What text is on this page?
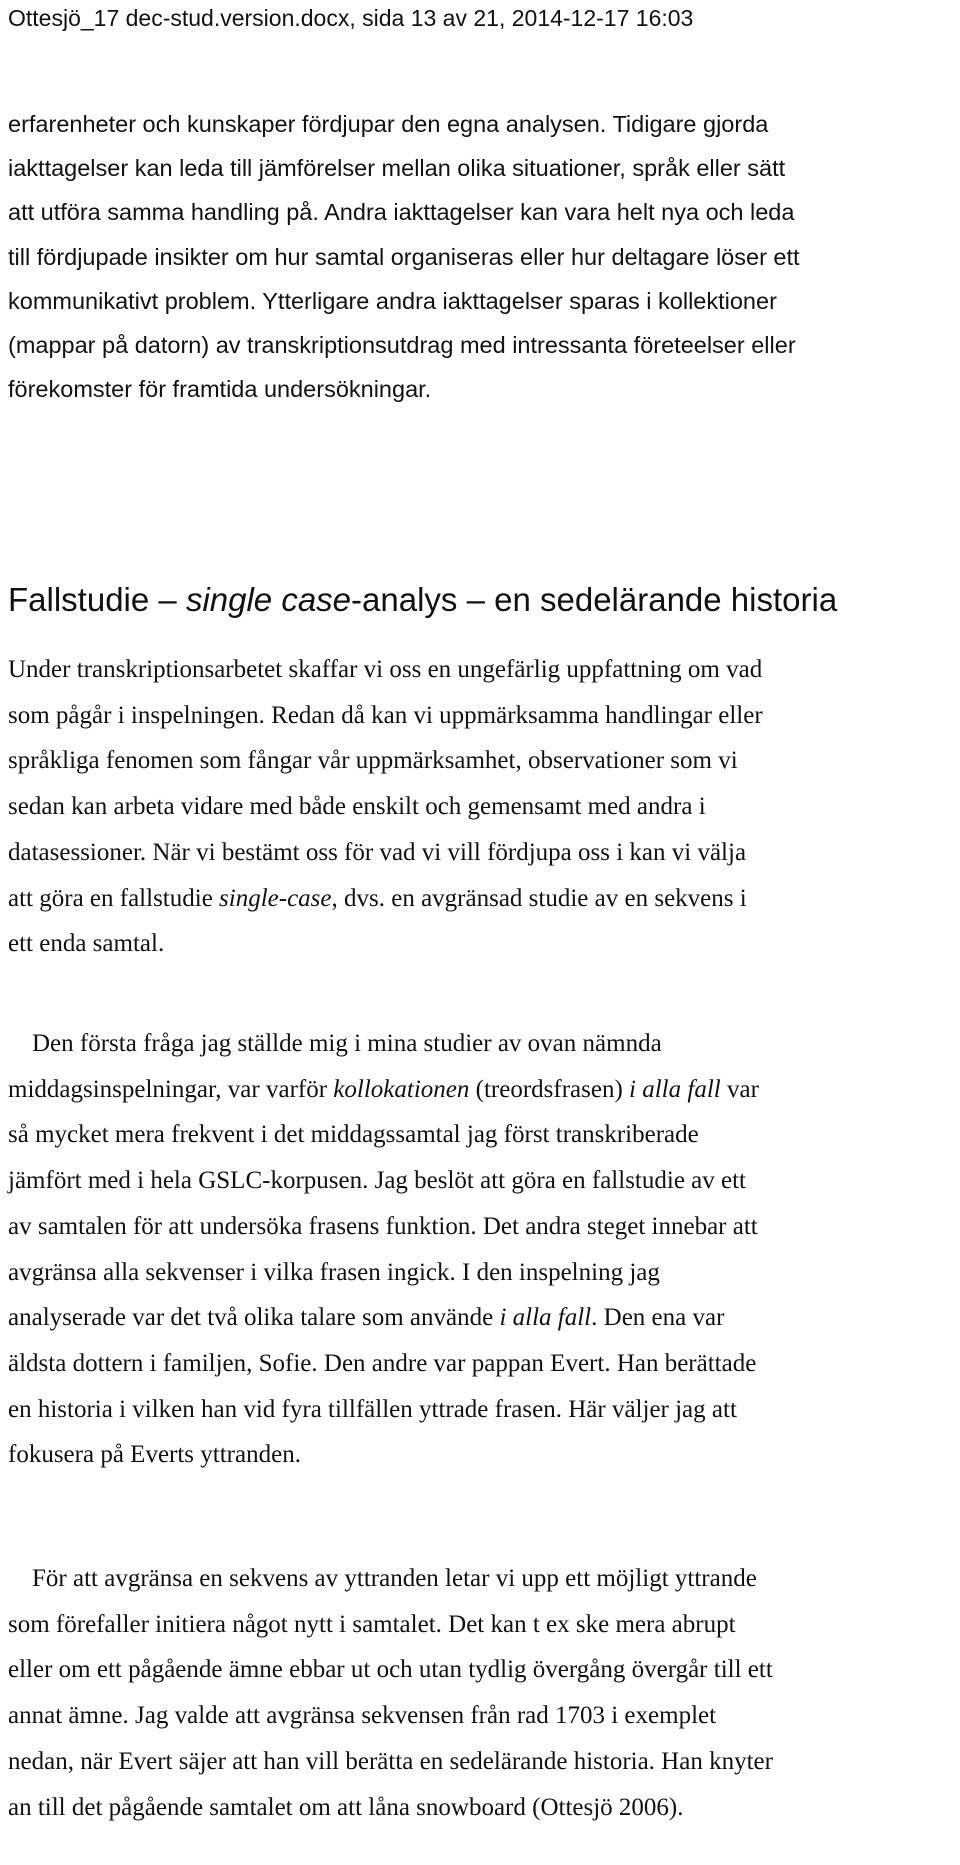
Ottesjö_17 dec-stud.version.docx, sida 13 av 21, 2014-12-17 16:03
erfarenheter och kunskaper fördjupar den egna analysen. Tidigare gjorda
iakttagelser kan leda till jämförelser mellan olika situationer, språk eller sätt
att utföra samma handling på. Andra iakttagelser kan vara helt nya och leda
till fördjupade insikter om hur samtal organiseras eller hur deltagare löser ett
kommunikativt problem. Ytterligare andra iakttagelser sparas i kollektioner
(mappar på datorn) av transkriptionsutdrag med intressanta företeelser eller
förekomster för framtida undersökningar.
Fallstudie – single case-analys – en sedelärande historia
Under transkriptionsarbetet skaffar vi oss en ungefärlig uppfattning om vad
som pågår i inspelningen. Redan då kan vi uppmärksamma handlingar eller
språkliga fenomen som fångar vår uppmärksamhet, observationer som vi
sedan kan arbeta vidare med både enskilt och gemensamt med andra i
datasessioner. När vi bestämt oss för vad vi vill fördjupa oss i kan vi välja
att göra en fallstudie single-case, dvs. en avgränsad studie av en sekvens i
ett enda samtal.
Den första fråga jag ställde mig i mina studier av ovan nämnda
middagsinspelningar, var varför kollokationen (treordsfrasen) i alla fall var
så mycket mera frekvent i det middagssamtal jag först transkriberade
jämfört med i hela GSLC-korpusen. Jag beslöt att göra en fallstudie av ett
av samtalen för att undersöka frasens funktion. Det andra steget innebar att
avgränsa alla sekvenser i vilka frasen ingick. I den inspelning jag
analyserade var det två olika talare som använde i alla fall. Den ena var
äldsta dottern i familjen, Sofie. Den andre var pappan Evert. Han berättade
en historia i vilken han vid fyra tillfällen yttrade frasen. Här väljer jag att
fokusera på Everts yttranden.
För att avgränsa en sekvens av yttranden letar vi upp ett möjligt yttrande
som förefaller initiera något nytt i samtalet. Det kan t ex ske mera abrupt
eller om ett pågående ämne ebbar ut och utan tydlig övergång övergår till ett
annat ämne. Jag valde att avgränsa sekvensen från rad 1703 i exemplet
nedan, när Evert säjer att han vill berätta en sedelärande historia. Han knyter
an till det pågående samtalet om att låna snowboard (Ottesjö 2006).
